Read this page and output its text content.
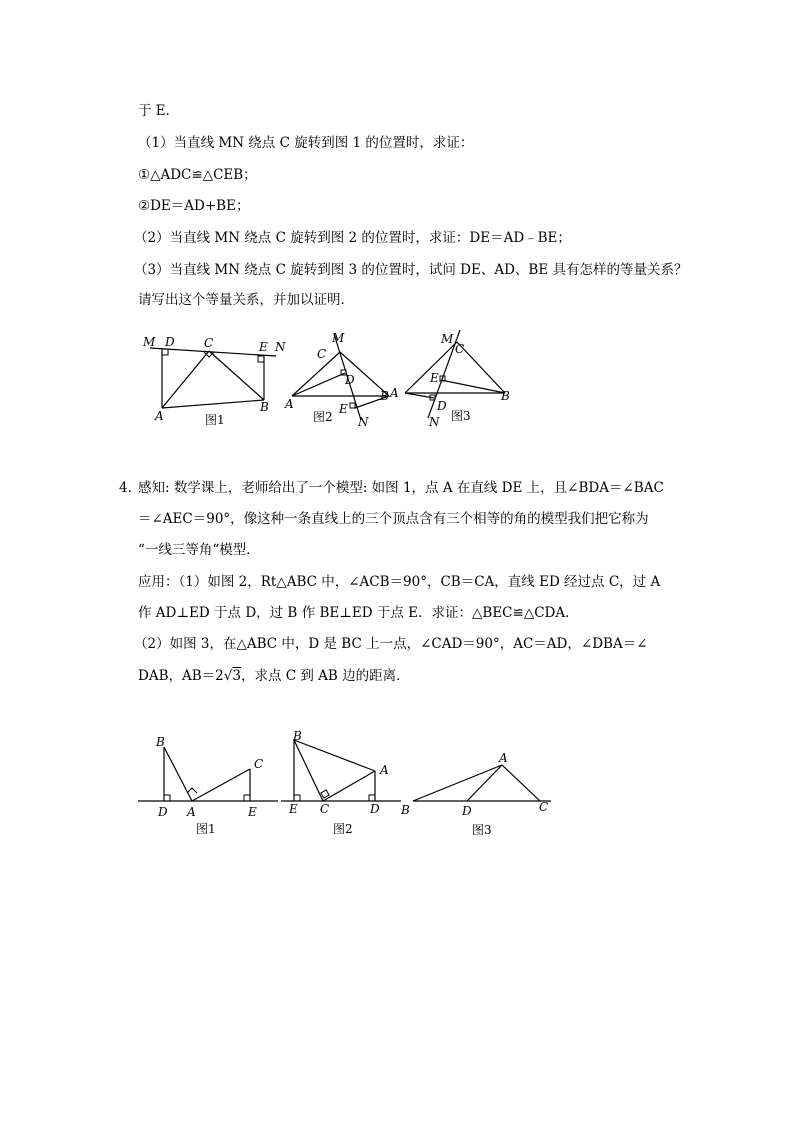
于 E．
（1）当直线 MN 绕点 C 旋转到图 1 的位置时，求证：
①△ADC≌△CEB；
②DE＝AD+BE；
（2）当直线 MN 绕点 C 旋转到图 2 的位置时，求证：DE＝AD﹣BE；
（3）当直线 MN 绕点 C 旋转到图 3 的位置时，试问 DE、AD、BE 具有怎样的等量关系？
请写出这个等量关系，并加以证明．
M D C	E N
A
B
M
C
D
A
B
E
N
M
C
E
A	B
D
N
图1	图2	图3
4．
感知: 数学课上，老师给出了一个模型: 如图 1，点 A 在直线 DE 上，且∠BDA＝∠BAC
＝∠AEC＝90°，像这种一条直线上的三个顶点含有三个相等的角的模型我们把它称为
“一线三等角“模型．
应用：（1）如图 2，Rt△ABC 中，∠ACB＝90°，CB＝CA，直线 ED 经过点 C，过 A
作 AD⊥ED 于点 D，过 B 作 BE⊥ED 于点 E．求证：△BEC≌△CDA．
（2）如图 3，在△ABC 中，D 是 BC 上一点，∠CAD＝90°，AC＝AD，∠DBA＝∠
DAB，AB＝2√3，求点 C 到 AB 边的距离．
B
C
D A	E
B
A
E C	D
A
B	D	C
图1	图2	图3
